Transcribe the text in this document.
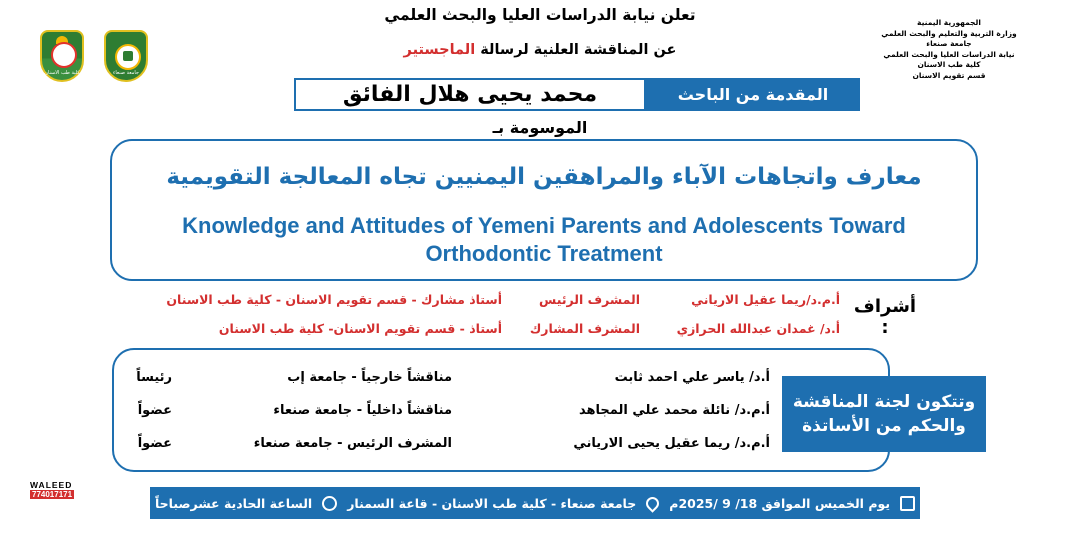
كلية طب الاسنان	جامعة صنعاء
الجمهورية اليمنية
وزارة التربية والتعليم والبحث العلمي
جامعة صنعاء
نيابة الدراسات العليا والبحث العلمي
كلية طب الاسنان
قسم تقويم الاسنان
تعلن نيابة الدراسات العليا والبحث العلمي
عن المناقشة العلنية لرسالة الماجستير
المقدمة من الباحث
محمد يحيى هلال الفائق
الموسومة بـ
معارف واتجاهات الآباء والمراهقين اليمنيين تجاه المعالجة التقويمية
Knowledge and Attitudes of Yemeni Parents and Adolescents Toward
Orthodontic Treatment
أشراف :
أ.م.د/ريما عقيل الارياني
المشرف الرئيس
أستاذ مشارك - قسم تقويم الاسنان - كلية طب الاسنان
أ.د/ غمدان عبدالله الحرازي
المشرف المشارك
أستاذ - قسم تقويم الاسنان- كلية طب الاسنان
وتتكون لجنة المناقشة
والحكم من الأساتذة
أ.د/ ياسر علي احمد ثابت
مناقشاً خارجياً - جامعة إب
رئيساً
أ.م.د/ نائلة محمد علي المجاهد
مناقشاً داخلياً - جامعة صنعاء
عضواً
أ.م.د/ ريما عقيل يحيى الارياني
المشرف الرئيس - جامعة صنعاء
عضواً
يوم الخميس الموافق 18/ 9 /2025م
جامعة صنعاء - كلية طب الاسنان - قاعة السمنار
الساعة الحادية عشرصباحاً
WALEED
774017171
